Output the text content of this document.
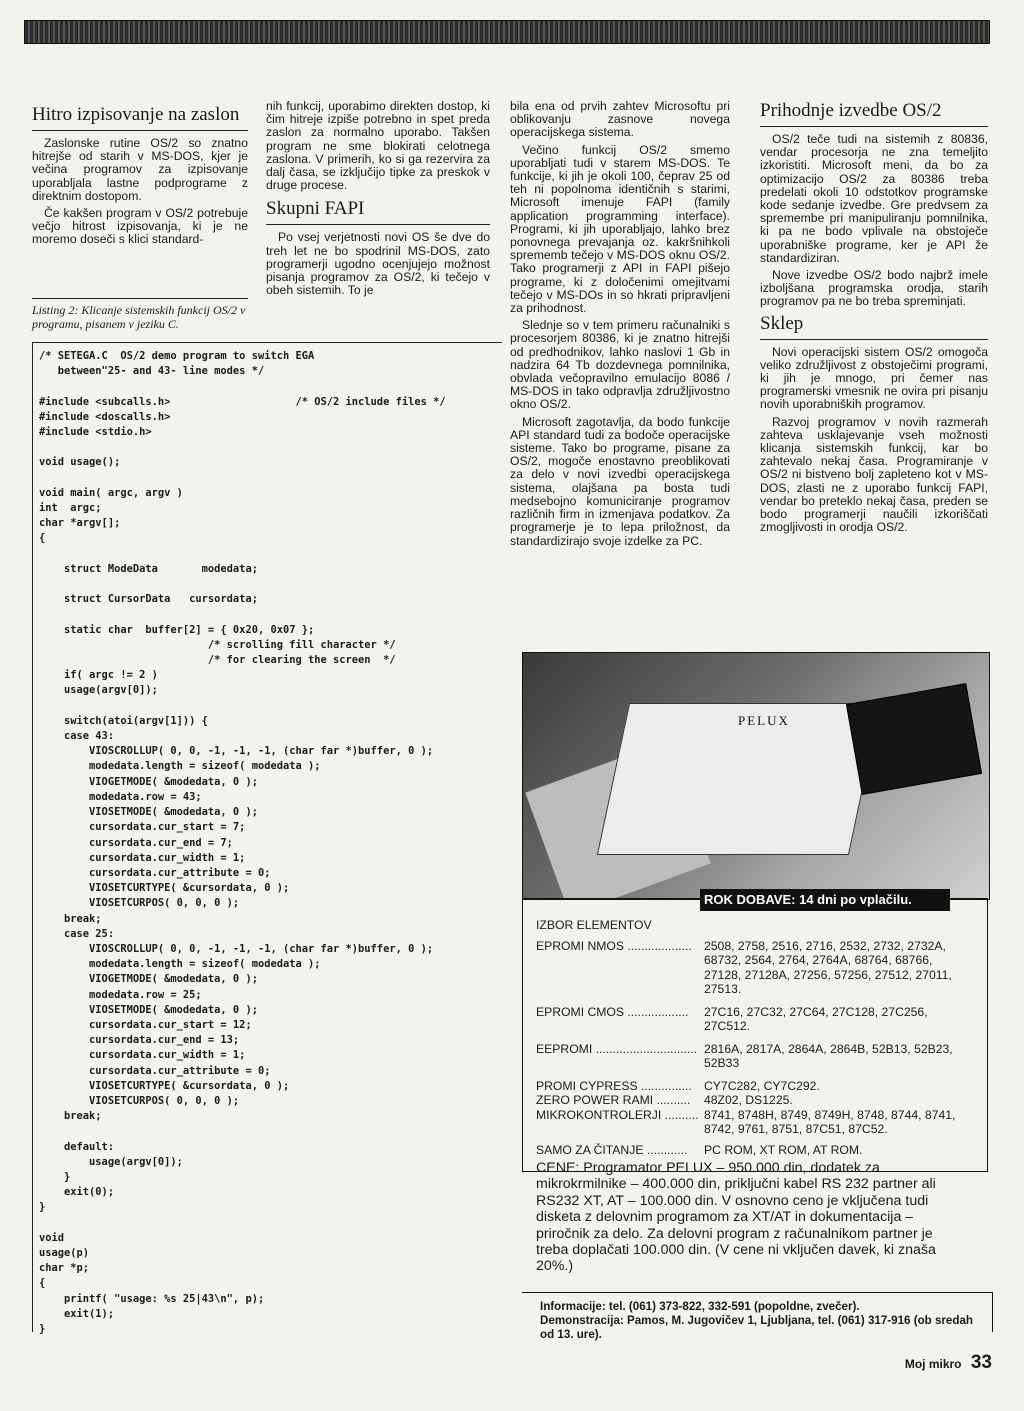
Hitro izpisovanje na zaslon

Zaslonske rutine OS/2 so znatno hitrejše od starih v MS-DOS, kjer je večina programov za izpisovanje uporabljala lastne podprograme z direktnim dostopom.

Če kakšen program v OS/2 potrebuje večjo hitrost izpisovanja, ki je ne moremo doseči s klici standard-

Listing 2: Klicanje sistemskih funkcij OS/2 v programu, pisanem v jeziku C.

nih funkcij, uporabimo direkten dostop, ki čim hitreje izpiše potrebno in spet preda zaslon za normalno uporabo. Takšen program ne sme blokirati celotnega zaslona. V primerih, ko si ga rezervira za dalj časa, se izključijo tipke za preskok v druge procese.

Skupni FAPI

Po vsej verjetnosti novi OS še dve do treh let ne bo spodrinil MS-DOS, zato programerji ugodno ocenjujejo možnost pisanja programov za OS/2, ki tečejo v obeh sistemih. To je

/* SETEGA.C  OS/2 demo program to switch EGA
between"25- and 43- line modes */

#include <subcalls.h>                    /* OS/2 include files */
#include <doscalls.h>
#include <stdio.h>

void usage();

void main( argc, argv )
int  argc;
char *argv[];
{

struct ModeData       modedata;

struct CursorData   cursordata;

static char  buffer[2] = { 0x20, 0x07 };
/* scrolling fill character */
/* for clearing the screen  */
if( argc != 2 )
usage(argv[0]);

switch(atoi(argv[1])) {
case 43:
VIOSCROLLUP( 0, 0, -1, -1, -1, (char far *)buffer, 0 );
modedata.length = sizeof( modedata );
VIOGETMODE( &modedata, 0 );
modedata.row = 43;
VIOSETMODE( &modedata, 0 );
cursordata.cur_start = 7;
cursordata.cur_end = 7;
cursordata.cur_width = 1;
cursordata.cur_attribute = 0;
VIOSETCURTYPE( &cursordata, 0 );
VIOSETCURPOS( 0, 0, 0 );
break;
case 25:
VIOSCROLLUP( 0, 0, -1, -1, -1, (char far *)buffer, 0 );
modedata.length = sizeof( modedata );
VIOGETMODE( &modedata, 0 );
modedata.row = 25;
VIOSETMODE( &modedata, 0 );
cursordata.cur_start = 12;
cursordata.cur_end = 13;
cursordata.cur_width = 1;
cursordata.cur_attribute = 0;
VIOSETCURTYPE( &cursordata, 0 );
VIOSETCURPOS( 0, 0, 0 );
break;

default:
usage(argv[0]);
}
exit(0);
}

void
usage(p)
char *p;
{
printf( "usage: %s 25|43\n", p);
exit(1);
}

bila ena od prvih zahtev Microsoftu pri oblikovanju zasnove novega operacijskega sistema.

Večino funkcij OS/2 smemo uporabljati tudi v starem MS-DOS. Te funkcije, ki jih je okoli 100, čeprav 25 od teh ni popolnoma identičnih s starimi, Microsoft imenuje FAPI (family application programming interface). Programi, ki jih uporabljajo, lahko brez ponovnega prevajanja oz. kakršnihkoli sprememb tečejo v MS-DOS oknu OS/2. Tako programerji z API in FAPI pišejo programe, ki z določenimi omejitvami tečejo v MS-DOs in so hkrati pripravljeni za prihodnost.

Slednje so v tem primeru računalniki s procesorjem 80386, ki je znatno hitrejši od predhodnikov, lahko naslovi 1 Gb in nadzira 64 Tb dozdevnega pomnilnika, obvlada večopravilno emulacijo 8086 / MS-DOS in tako odpravlja združljivostno okno OS/2.

Microsoft zagotavlja, da bodo funkcije API standard tudi za bodoče operacijske sisteme. Tako bo programe, pisane za OS/2, mogoče enostavno preoblikovati za delo v novi izvedbi operacijskega sistema, olajšana pa bosta tudi medsebojno komuniciranje programov različnih firm in izmenjava podatkov. Za programerje je to lepa priložnost, da standardizirajo svoje izdelke za PC.

Prihodnje izvedbe OS/2

OS/2 teče tudi na sistemih z 80836, vendar procesorja ne zna temeljito izkoristiti. Microsoft meni, da bo za optimizacijo OS/2 za 80386 treba predelati okoli 10 odstotkov programske kode sedanje izvedbe. Gre predvsem za spremembe pri manipuliranju pomnilnika, ki pa ne bodo vplivale na obstoječe uporabniške programe, ker je API že standardiziran.

Nove izvedbe OS/2 bodo najbrž imele izboljšana programska orodja, starih programov pa ne bo treba spreminjati.

Sklep

Novi operacijski sistem OS/2 omogoča veliko združljivost z obstoječimi programi, ki jih je mnogo, pri čemer nas programerski vmesnik ne ovira pri pisanju novih uporabniških programov.

Razvoj programov v novih razmerah zahteva usklajevanje vseh možnosti klicanja sistemskih funkcij, kar bo zahtevalo nekaj časa. Programiranje v OS/2 ni bistveno bolj zapleteno kot v MS-DOS, zlasti ne z uporabo funkcij FAPI, vendar bo preteklo nekaj časa, preden se bodo programerji naučili izkoriščati zmogljivosti in orodja OS/2.

PELUX
ROK DOBAVE: 14 dni po vplačilu.
IZBOR ELEMENTOV
EPROMI NMOS ...................	2508, 2758, 2516, 2716, 2532, 2732, 2732A, 68732, 2564, 2764, 2764A, 68764, 68766, 27128, 27128A, 27256, 57256, 27512, 27011, 27513.
EPROMI CMOS ..................	27C16, 27C32, 27C64, 27C128, 27C256, 27C512.
EEPROMI .............................. 2816A, 2817A, 2864A, 2864B, 52B13, 52B23, 52B33
PROMI CYPRESS ...............	CY7C282, CY7C292.
ZERO POWER RAMI ..........	48Z02, DS1225.
MIKROKONTROLERJI .......... 8741, 8748H, 8749, 8749H, 8748, 8744, 8741, 8742, 9761, 8751, 87C51, 87C52.
SAMO ZA ČITANJE ............	PC ROM, XT ROM, AT ROM.
CENE: Programator PELUX – 950.000 din, dodatek za mikrokrmilnike – 400.000 din, priključni kabel RS 232 partner ali RS232 XT, AT – 100.000 din. V osnovno ceno je vključena tudi disketa z delovnim programom za XT/AT in dokumentacija – priročnik za delo. Za delovni program z računalnikom partner je treba doplačati 100.000 din. (V cene ni vključen davek, ki znaša 20%.)
Informacije: tel. (061) 373-822, 332-591 (popoldne, zvečer).
Demonstracija: Pamos, M. Jugovičev 1, Ljubljana, tel. (061) 317-916 (ob sredah od 13. ure).
Moj mikro 33
